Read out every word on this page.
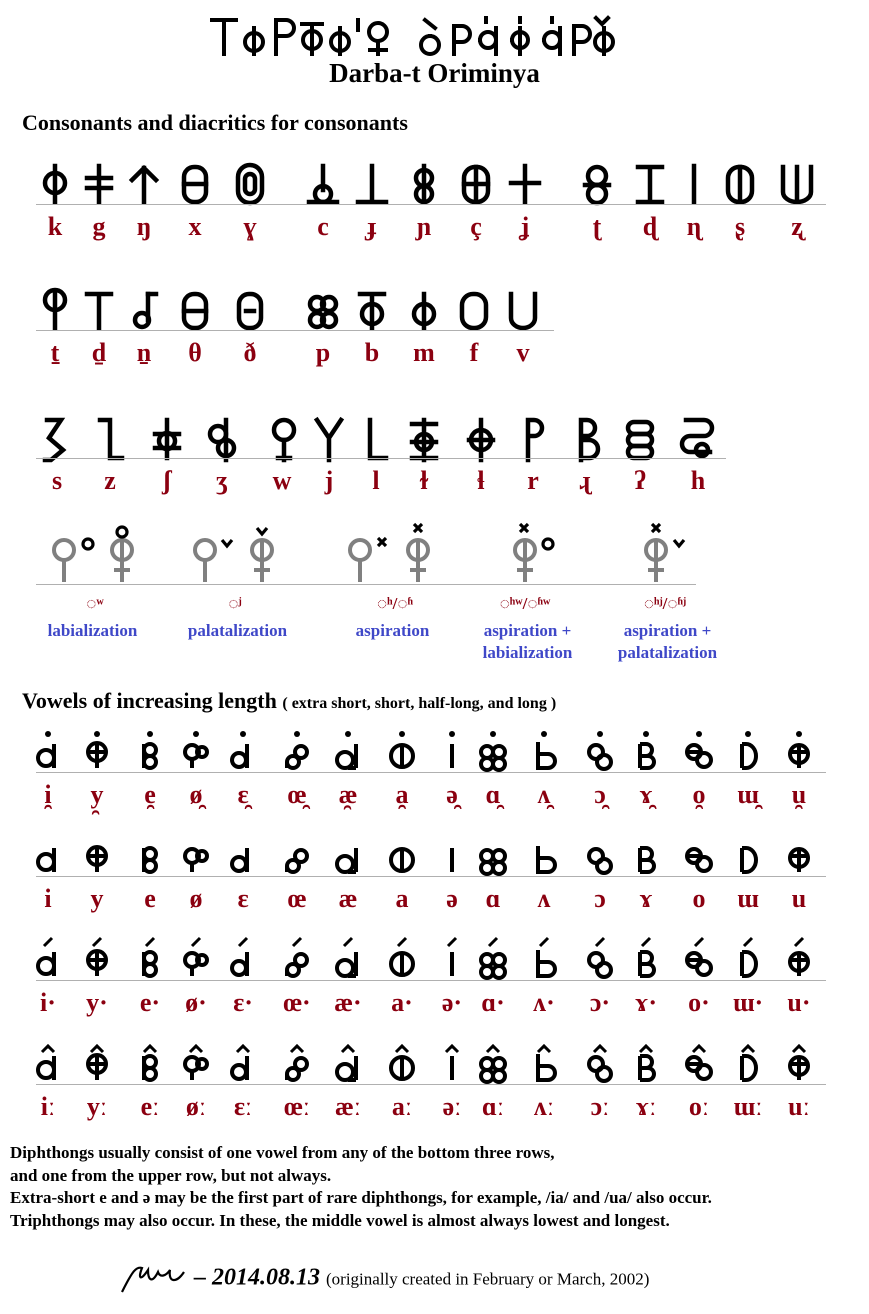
Darba-t Oriminya
Consonants and diacritics for consonants
k	g	ŋ	x	ɣ	c	ɟ	ɲ	ç	ʝ	ʈ	ɖ	ɳ	ʂ	ʐ
t̠	d̠	n̠	θ	ð	p	b	m	f	v
s	z	ʃ	ʒ	w	j	l	ɫ	ɬ	r	ɻ	ʔ	h
◌ʷ
labialization
◌ʲ
palatalization
◌ʰ/◌ʱ
aspiration
◌ʰʷ/◌ʱʷ
aspiration + labialization
◌ʰʲ/◌ʱʲ
aspiration + palatalization
Vowels of increasing length ( extra short, short, half-long, and long )
i̯	y̯	e̯	ø̯	ɛ̯	œ̯	æ̯	a̯	ə̯	ɑ̯	ʌ̯	ɔ̯	ɤ̯	o̯	ɯ̯	u̯
i	y	e	ø	ɛ	œ	æ	a	ə	ɑ	ʌ	ɔ	ɤ	o	ɯ	u
i·	y·	e· ø·	ɛ·	œ· æ·	a·	ə· ɑ·	ʌ·	ɔ· ɤ·	o· ɯ· u·
iː	yː	eː	øː	ɛː	œː æː	aː	əː ɑː	ʌː	ɔː	ɤː	oː ɯː uː
Diphthongs usually consist of one vowel from any of the bottom three rows,
and one from the upper row, but not always.
Extra-short e and ə may be the first part of rare diphthongs, for example, /ia/ and /ua/ also occur.
Triphthongs may also occur. In these, the middle vowel is almost always lowest and longest.
– 2014.08.13 (originally created in February or March, 2002)
